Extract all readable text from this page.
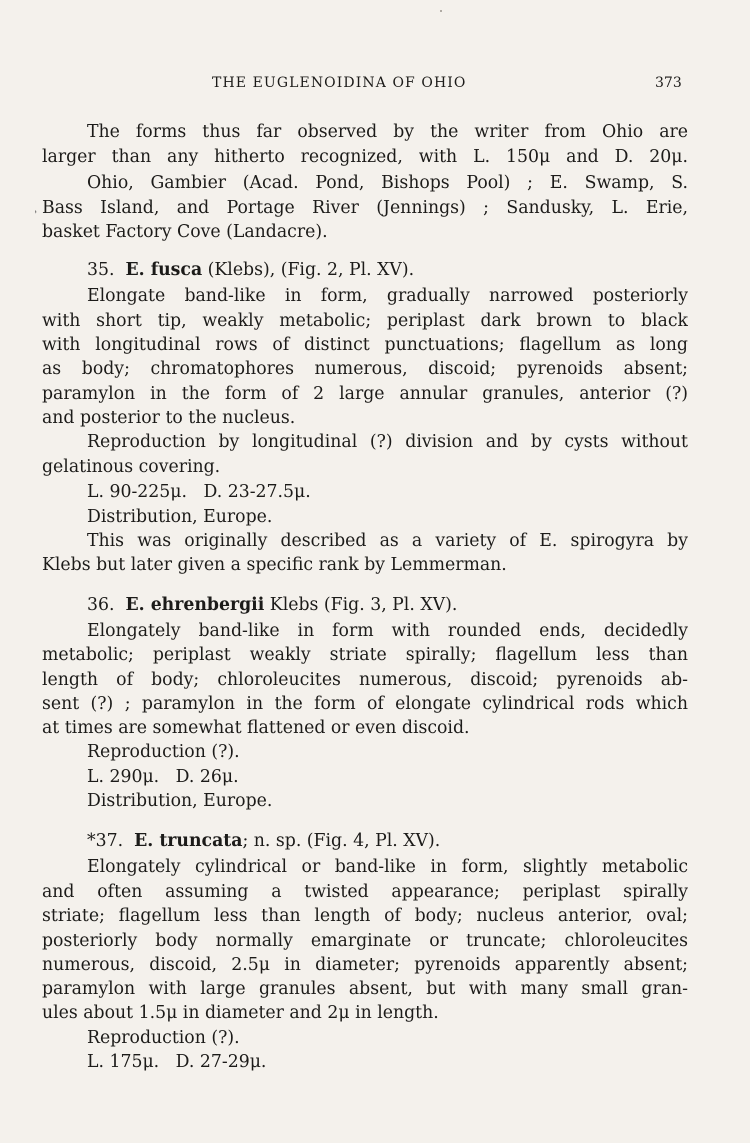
THE EUGLENOIDINA OF OHIO	373
,
The forms thus far observed by the writer from Ohio are
larger than any hitherto recognized, with L. 150μ and D. 20μ.
Ohio, Gambier (Acad. Pond, Bishops Pool) ; E. Swamp, S.
Bass Island, and Portage River (Jennings) ; Sandusky, L. Erie,
basket Factory Cove (Landacre).
35. E. fusca (Klebs), (Fig. 2, Pl. XV).
Elongate band-like in form, gradually narrowed posteriorly
with short tip, weakly metabolic; periplast dark brown to black
with longitudinal rows of distinct punctuations; flagellum as long
as body; chromatophores numerous, discoid; pyrenoids absent;
paramylon in the form of 2 large annular granules, anterior (?)
and posterior to the nucleus.
Reproduction by longitudinal (?) division and by cysts without
gelatinous covering.
L. 90-225μ.   D. 23-27.5μ.
Distribution, Europe.
This was originally described as a variety of E. spirogyra by
Klebs but later given a specific rank by Lemmerman.
36. E. ehrenbergii Klebs (Fig. 3, Pl. XV).
Elongately band-like in form with rounded ends, decidedly
metabolic; periplast weakly striate spirally; flagellum less than
length of body; chloroleucites numerous, discoid; pyrenoids ab-
sent (?) ; paramylon in the form of elongate cylindrical rods which
at times are somewhat flattened or even discoid.
Reproduction (?).
L. 290μ.   D. 26μ.
Distribution, Europe.
*37. E. truncata; n. sp. (Fig. 4, Pl. XV).
Elongately cylindrical or band-like in form, slightly metabolic
and often assuming a twisted appearance; periplast spirally
striate; flagellum less than length of body; nucleus anterior, oval;
posteriorly body normally emarginate or truncate; chloroleucites
numerous, discoid, 2.5μ in diameter; pyrenoids apparently absent;
paramylon with large granules absent, but with many small gran-
ules about 1.5μ in diameter and 2μ in length.
Reproduction (?).
L. 175μ.   D. 27-29μ.
